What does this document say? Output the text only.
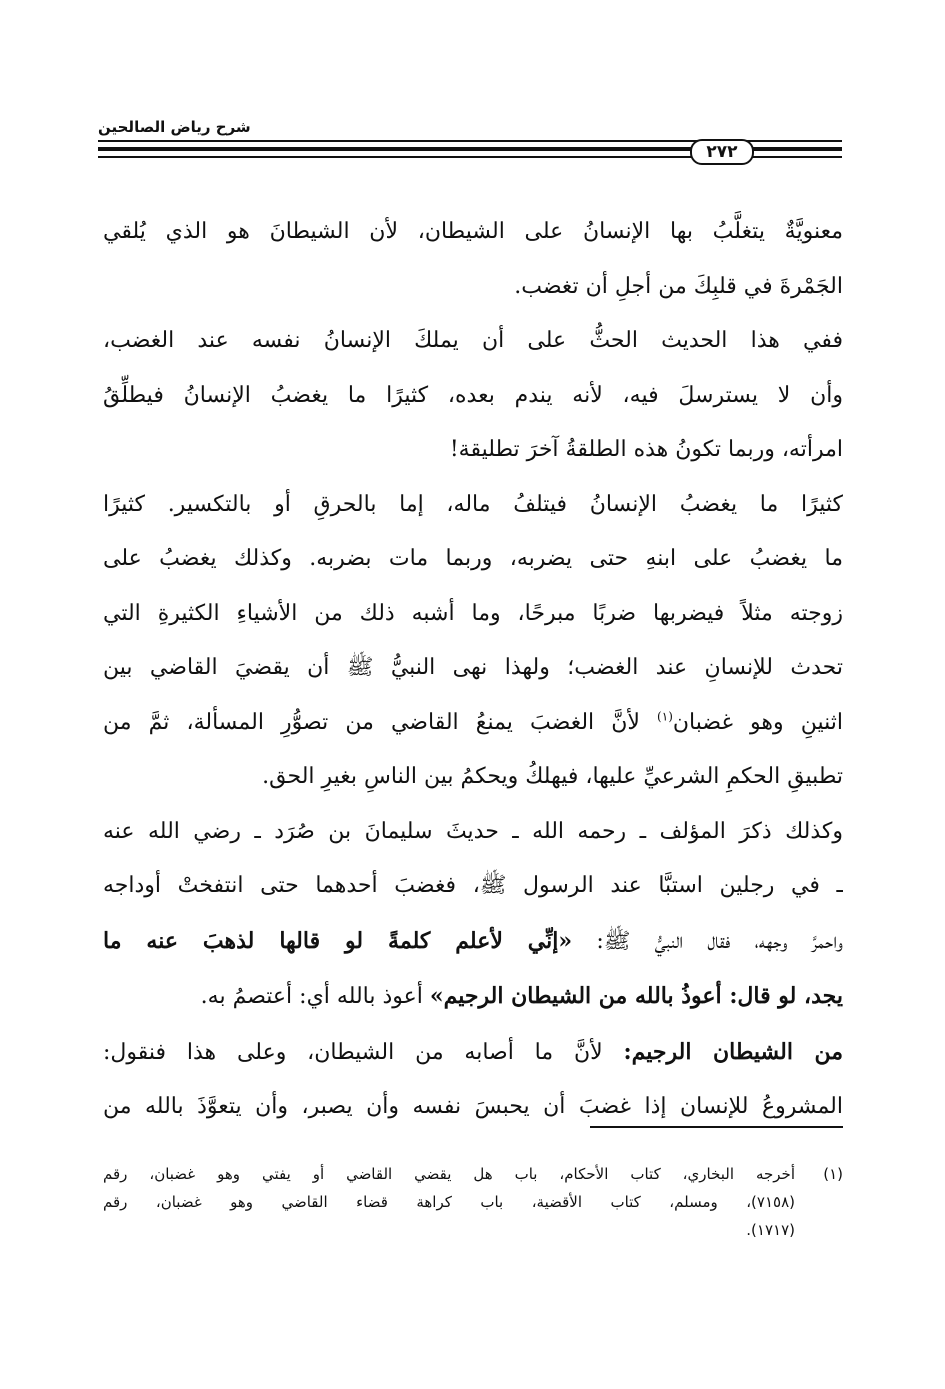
شرح رياض الصالحين
٢٧٢
معنويَّةٌ يتغلَّبُ بها الإنسانُ على الشيطان، لأن الشيطانَ هو الذي يُلقي
الجَمْرةَ في قلبِكَ من أجلِ أن تغضب.
ففي هذا الحديث الحثُّ على أن يملكَ الإنسانُ نفسه عند الغضب،
وأن لا يسترسلَ فيه، لأنه يندم بعده، كثيرًا ما يغضبُ الإنسانُ فيطلِّقُ
امرأته، وربما تكونُ هذه الطلقةُ آخرَ تطليقة!
كثيرًا ما يغضبُ الإنسانُ فيتلفُ ماله، إما بالحرقِ أو بالتكسير. كثيرًا
ما يغضبُ على ابنهِ حتى يضربه، وربما مات بضربه. وكذلك يغضبُ على
زوجته مثلاً فيضربها ضربًا مبرحًا، وما أشبه ذلك من الأشياءِ الكثيرةِ التي
تحدث للإنسانِ عند الغضب؛ ولهذا نهى النبيُّ ﷺ أن يقضيَ القاضي بين
اثنينِ وهو غضبان$^{(١)}$ لأنَّ الغضبَ يمنعُ القاضي من تصوُّرِ المسألة، ثمَّ من
تطبيقِ الحكمِ الشرعيِّ عليها، فيهلكُ ويحكمُ بين الناسِ بغيرِ الحق.
وكذلك ذكرَ المؤلف ـ رحمه الله ـ حديثَ سليمانَ بن صُرَد ـ رضي الله عنه
ـ في رجلين استبَّا عند الرسول ﷺ، فغضبَ أحدهما حتى انتفختْ أوداجه
واحمرَّ وجهه، فقال النبيُّ ﷺ: «إنِّي لأعلم كلمةً لو قالها لذهبَ عنه ما
يجد، لو قال: أعوذُ بالله من الشيطان الرجيم» أعوذ بالله أي: أعتصمُ به.
من الشيطان الرجيم: لأنَّ ما أصابه من الشيطان، وعلى هذا فنقول:
المشروعُ للإنسان إذا غضبَ أن يحبسَ نفسه وأن يصبر، وأن يتعوَّذَ بالله من
(١)
أخرجه البخاري، كتاب الأحكام، باب هل يقضي القاضي أو يفتي وهو غضبان، رقم
(٧١٥٨)، ومسلم، كتاب الأقضية، باب كراهة قضاء القاضي وهو غضبان، رقم
(١٧١٧).
